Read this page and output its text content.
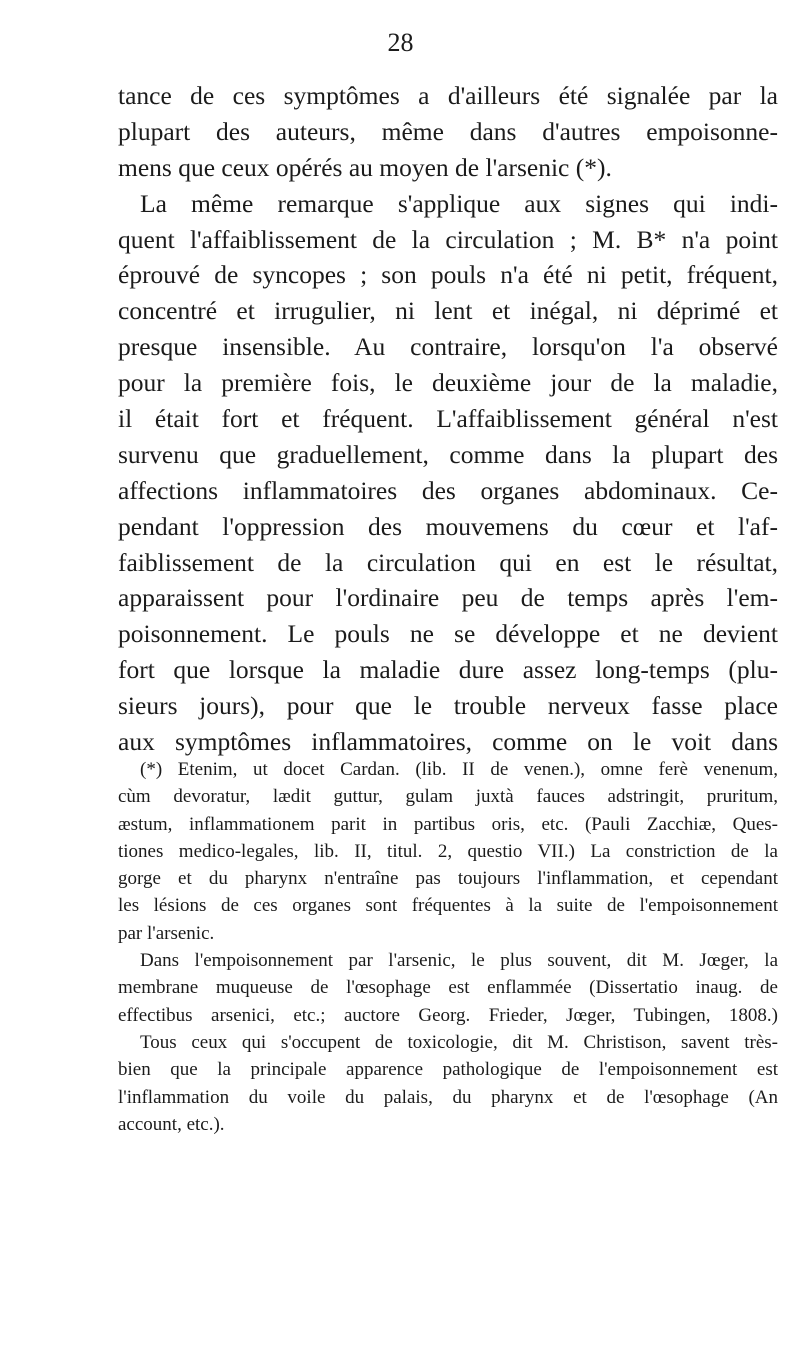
28
tance de ces symptômes a d'ailleurs été signalée par la
plupart des auteurs, même dans d'autres empoisonne-
mens que ceux opérés au moyen de l'arsenic (*).
La même remarque s'applique aux signes qui indi-
quent l'affaiblissement de la circulation ; M. B* n'a point
éprouvé de syncopes ; son pouls n'a été ni petit, fréquent,
concentré et irrugulier, ni lent et inégal, ni déprimé et
presque insensible. Au contraire, lorsqu'on l'a observé
pour la première fois, le deuxième jour de la maladie,
il était fort et fréquent. L'affaiblissement général n'est
survenu que graduellement, comme dans la plupart des
affections inflammatoires des organes abdominaux. Ce-
pendant l'oppression des mouvemens du cœur et l'af-
faiblissement de la circulation qui en est le résultat,
apparaissent pour l'ordinaire peu de temps après l'em-
poisonnement. Le pouls ne se développe et ne devient
fort que lorsque la maladie dure assez long-temps (plu-
sieurs jours), pour que le trouble nerveux fasse place
aux symptômes inflammatoires, comme on le voit dans
(*) Etenim, ut docet Cardan. (lib. II de venen.), omne ferè venenum,
cùm devoratur, lædit guttur, gulam juxtà fauces adstringit, pruritum,
æstum, inflammationem parit in partibus oris, etc. (Pauli Zacchiæ, Ques-
tiones medico-legales, lib. II, titul. 2, questio VII.) La constriction de la
gorge et du pharynx n'entraîne pas toujours l'inflammation, et cependant
les lésions de ces organes sont fréquentes à la suite de l'empoisonnement
par l'arsenic.
Dans l'empoisonnement par l'arsenic, le plus souvent, dit M. Jœger, la
membrane muqueuse de l'œsophage est enflammée (Dissertatio inaug. de
effectibus arsenici, etc.; auctore Georg. Frieder, Jœger, Tubingen, 1808.)
Tous ceux qui s'occupent de toxicologie, dit M. Christison, savent très-
bien que la principale apparence pathologique de l'empoisonnement est
l'inflammation du voile du palais, du pharynx et de l'œsophage (An
account, etc.).
